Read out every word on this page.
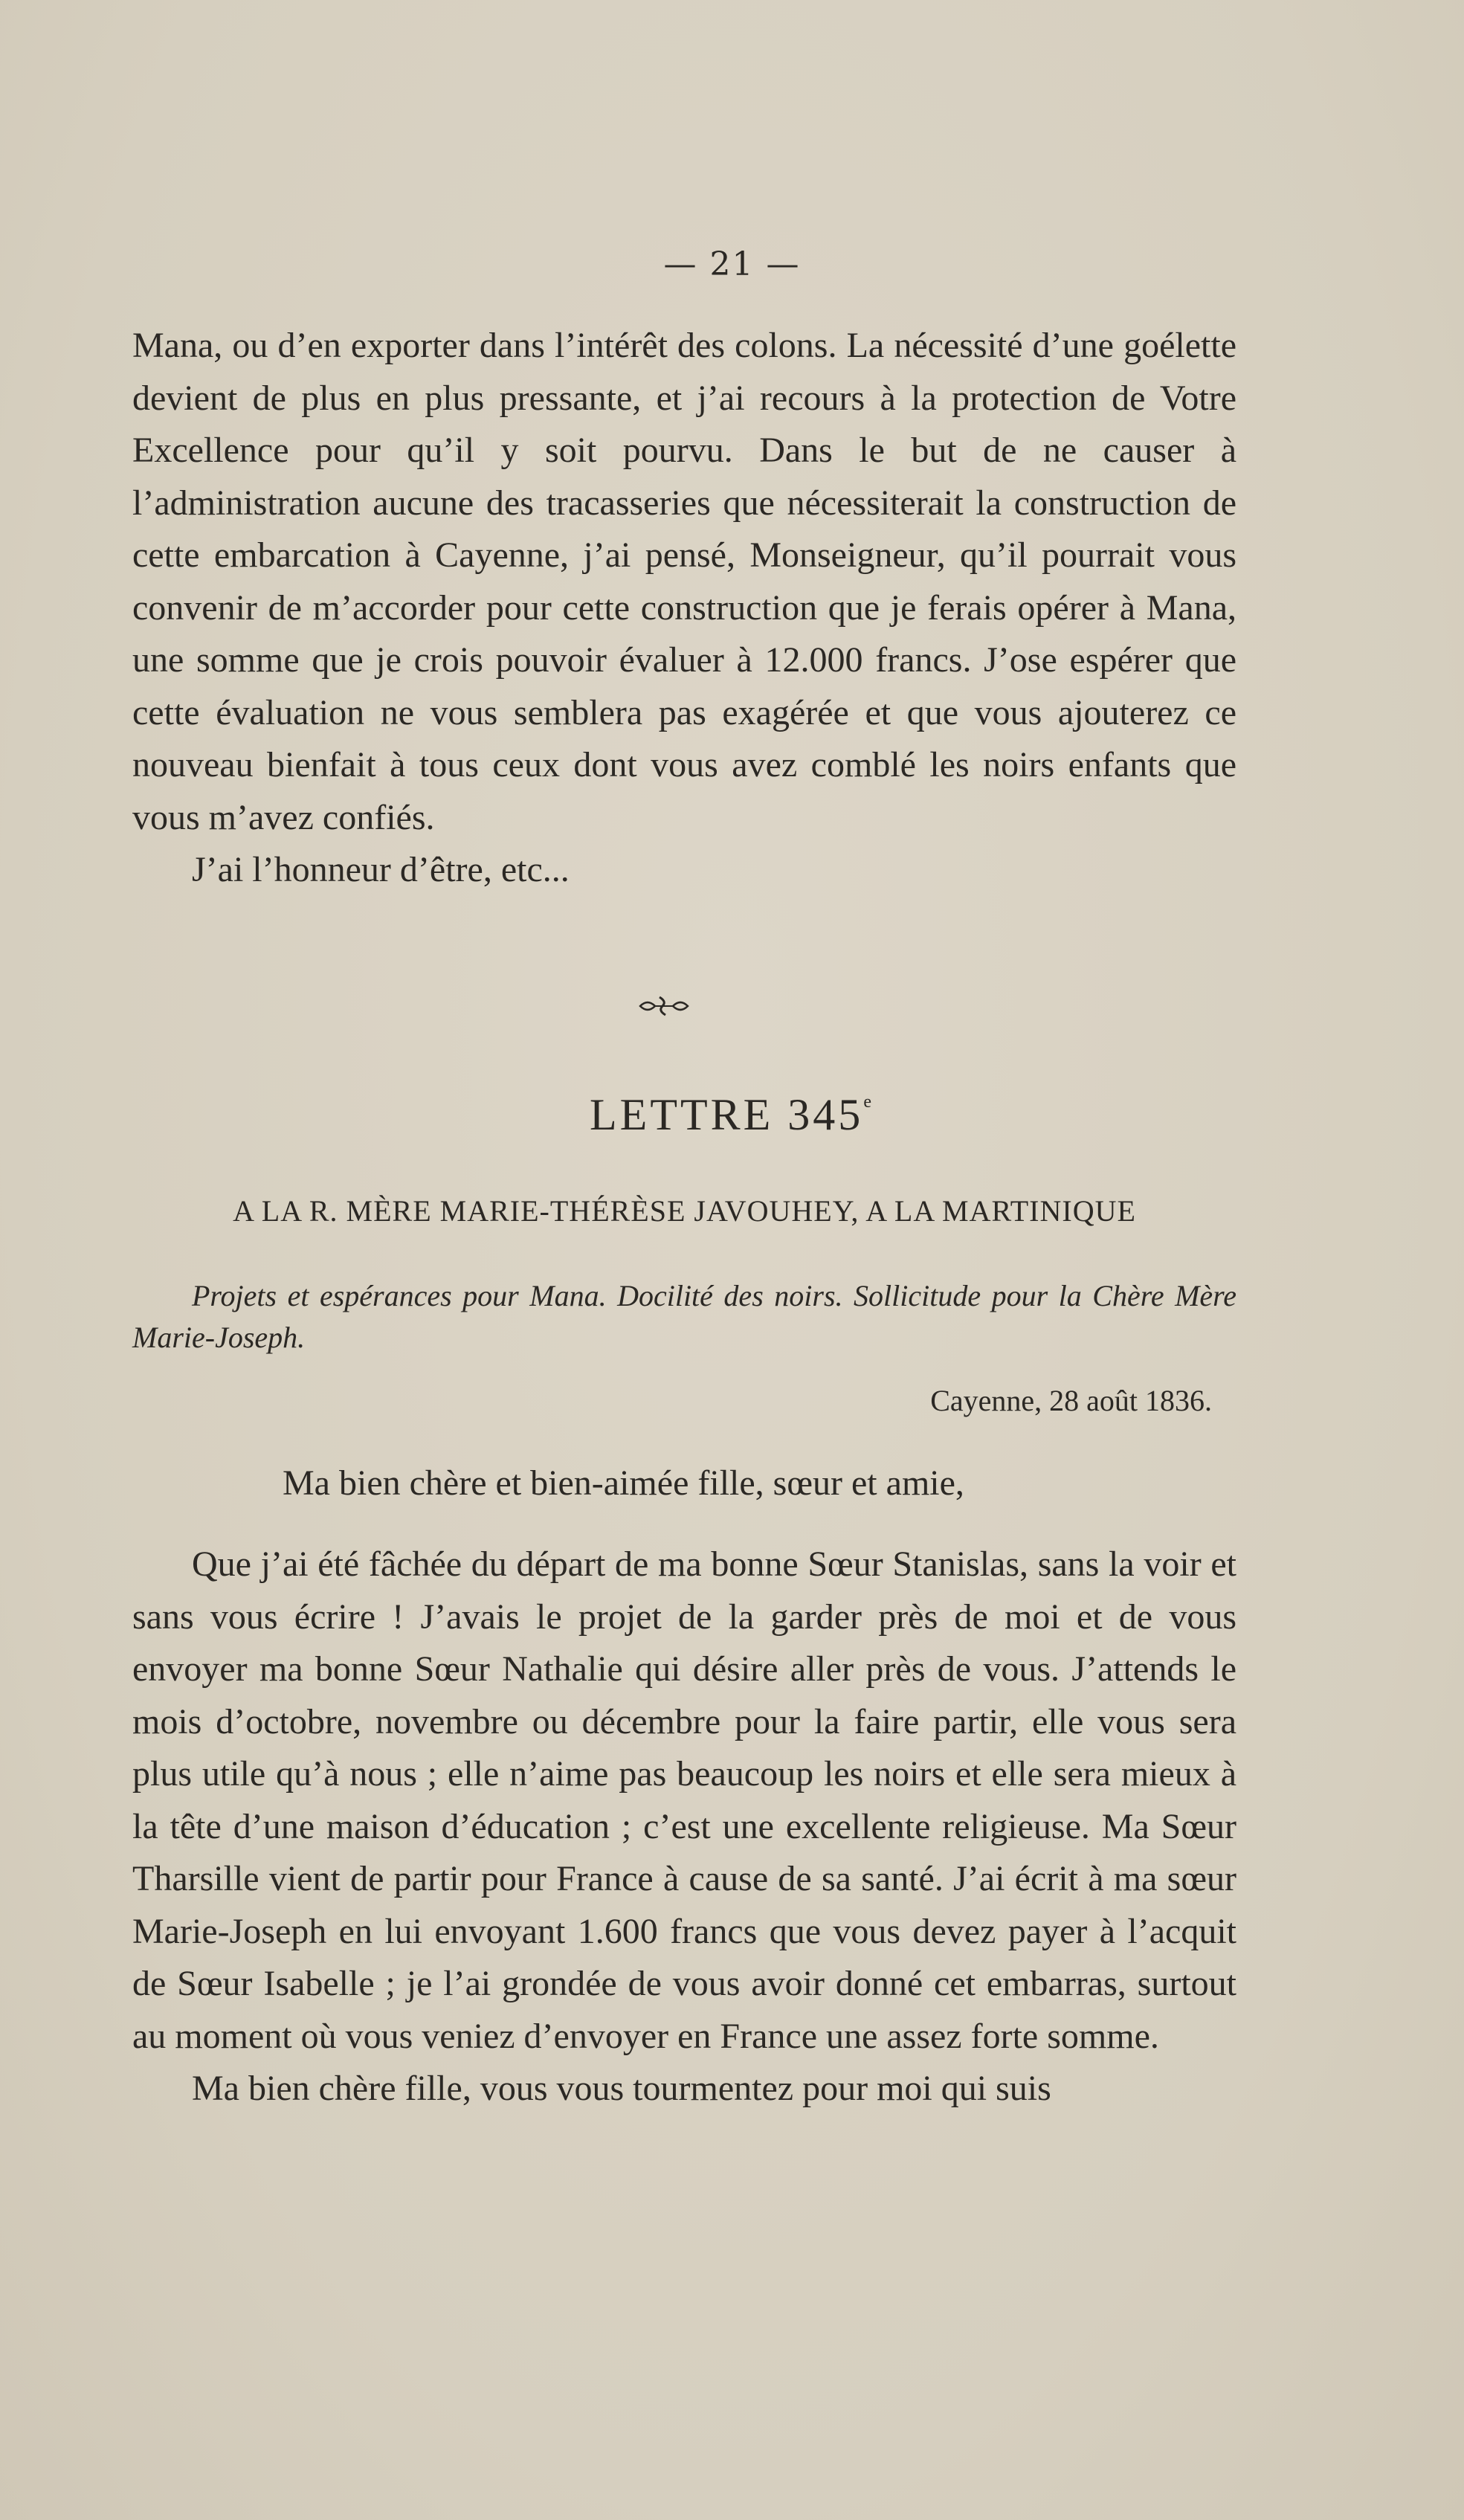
— 21 —

Mana, ou d’en exporter dans l’intérêt des colons. La nécessité d’une goélette devient de plus en plus pressante, et j’ai recours à la protection de Votre Excellence pour qu’il y soit pourvu. Dans le but de ne causer à l’administration aucune des tracasseries que nécessiterait la construction de cette embarcation à Cayenne, j’ai pensé, Monseigneur, qu’il pourrait vous convenir de m’accorder pour cette construction que je ferais opérer à Mana, une somme que je crois pouvoir évaluer à 12.000 francs. J’ose espérer que cette évaluation ne vous semblera pas exagérée et que vous ajouterez ce nouveau bienfait à tous ceux dont vous avez comblé les noirs enfants que vous m’avez confiés.

J’ai l’honneur d’être, etc...

LETTRE 345e
A LA R. MÈRE MARIE-THÉRÈSE JAVOUHEY, A LA MARTINIQUE

Projets et espérances pour Mana. Docilité des noirs. Sollicitude pour la Chère Mère Marie-Joseph.

Cayenne, 28 août 1836.
Ma bien chère et bien-aimée fille, sœur et amie,

Que j’ai été fâchée du départ de ma bonne Sœur Stanislas, sans la voir et sans vous écrire ! J’avais le projet de la garder près de moi et de vous envoyer ma bonne Sœur Nathalie qui désire aller près de vous. J’attends le mois d’octobre, novembre ou décembre pour la faire partir, elle vous sera plus utile qu’à nous ; elle n’aime pas beaucoup les noirs et elle sera mieux à la tête d’une maison d’éducation ; c’est une excellente religieuse. Ma Sœur Tharsille vient de partir pour France à cause de sa santé. J’ai écrit à ma sœur Marie-Joseph en lui envoyant 1.600 francs que vous devez payer à l’acquit de Sœur Isabelle ; je l’ai grondée de vous avoir donné cet embarras, surtout au moment où vous veniez d’envoyer en France une assez forte somme.

Ma bien chère fille, vous vous tourmentez pour moi qui suis
